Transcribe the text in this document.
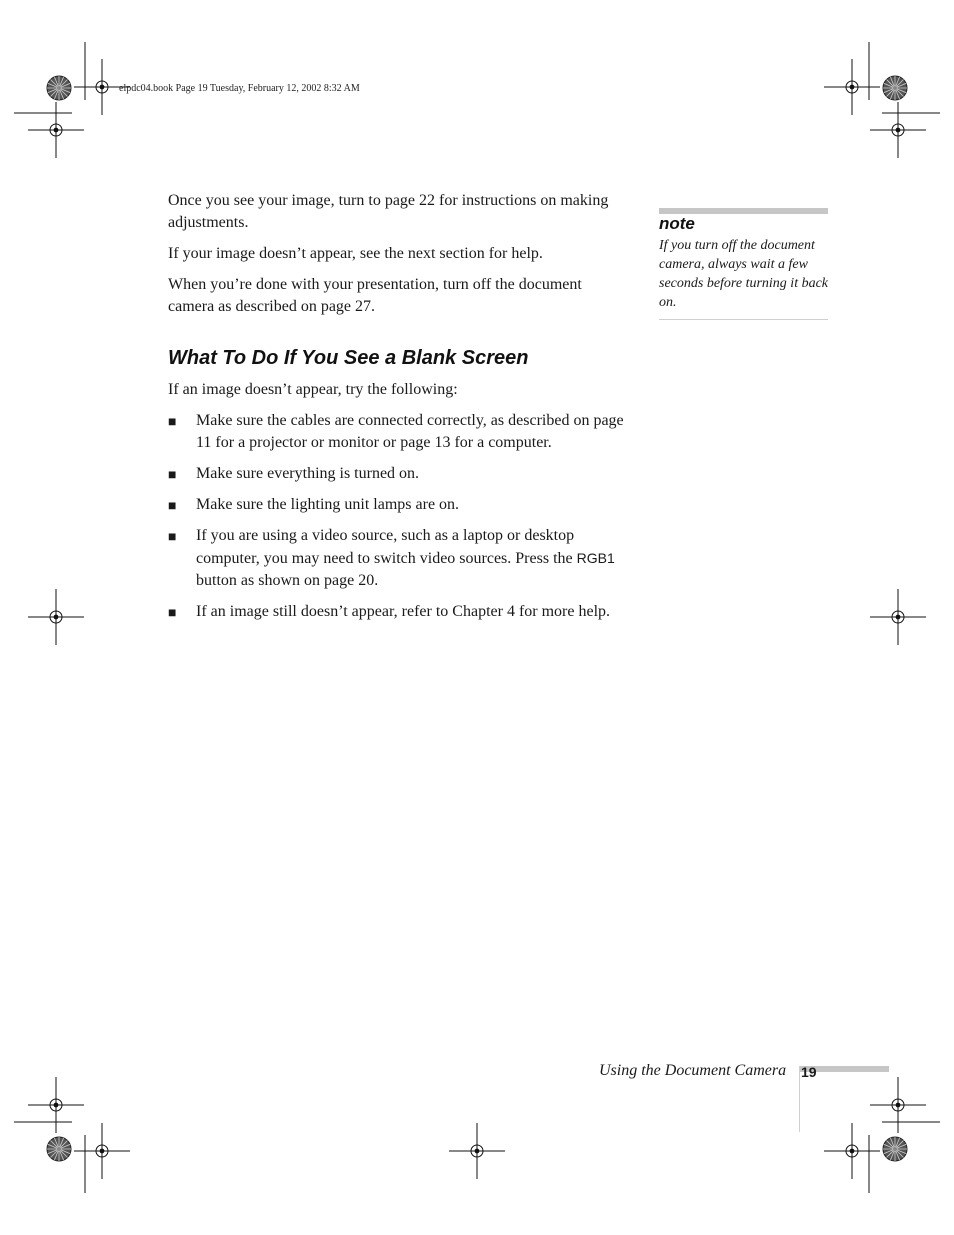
elpdc04.book Page 19 Tuesday, February 12, 2002 8:32 AM

Once you see your image, turn to page 22 for instructions on making adjustments.

If your image doesn’t appear, see the next section for help.

When you’re done with your presentation, turn off the document camera as described on page 27.

What To Do If You See a Blank Screen

If an image doesn’t appear, try the following:

■ Make sure the cables are connected correctly, as described on page 11 for a projector or monitor or page 13 for a computer.
■ Make sure everything is turned on.
■ Make sure the lighting unit lamps are on.
■ If you are using a video source, such as a laptop or desktop computer, you may need to switch video sources. Press the RGB1 button as shown on page 20.
■ If an image still doesn’t appear, refer to Chapter 4 for more help.
note
If you turn off the document camera, always wait a few seconds before turning it back on.
Using the Document Camera 19
